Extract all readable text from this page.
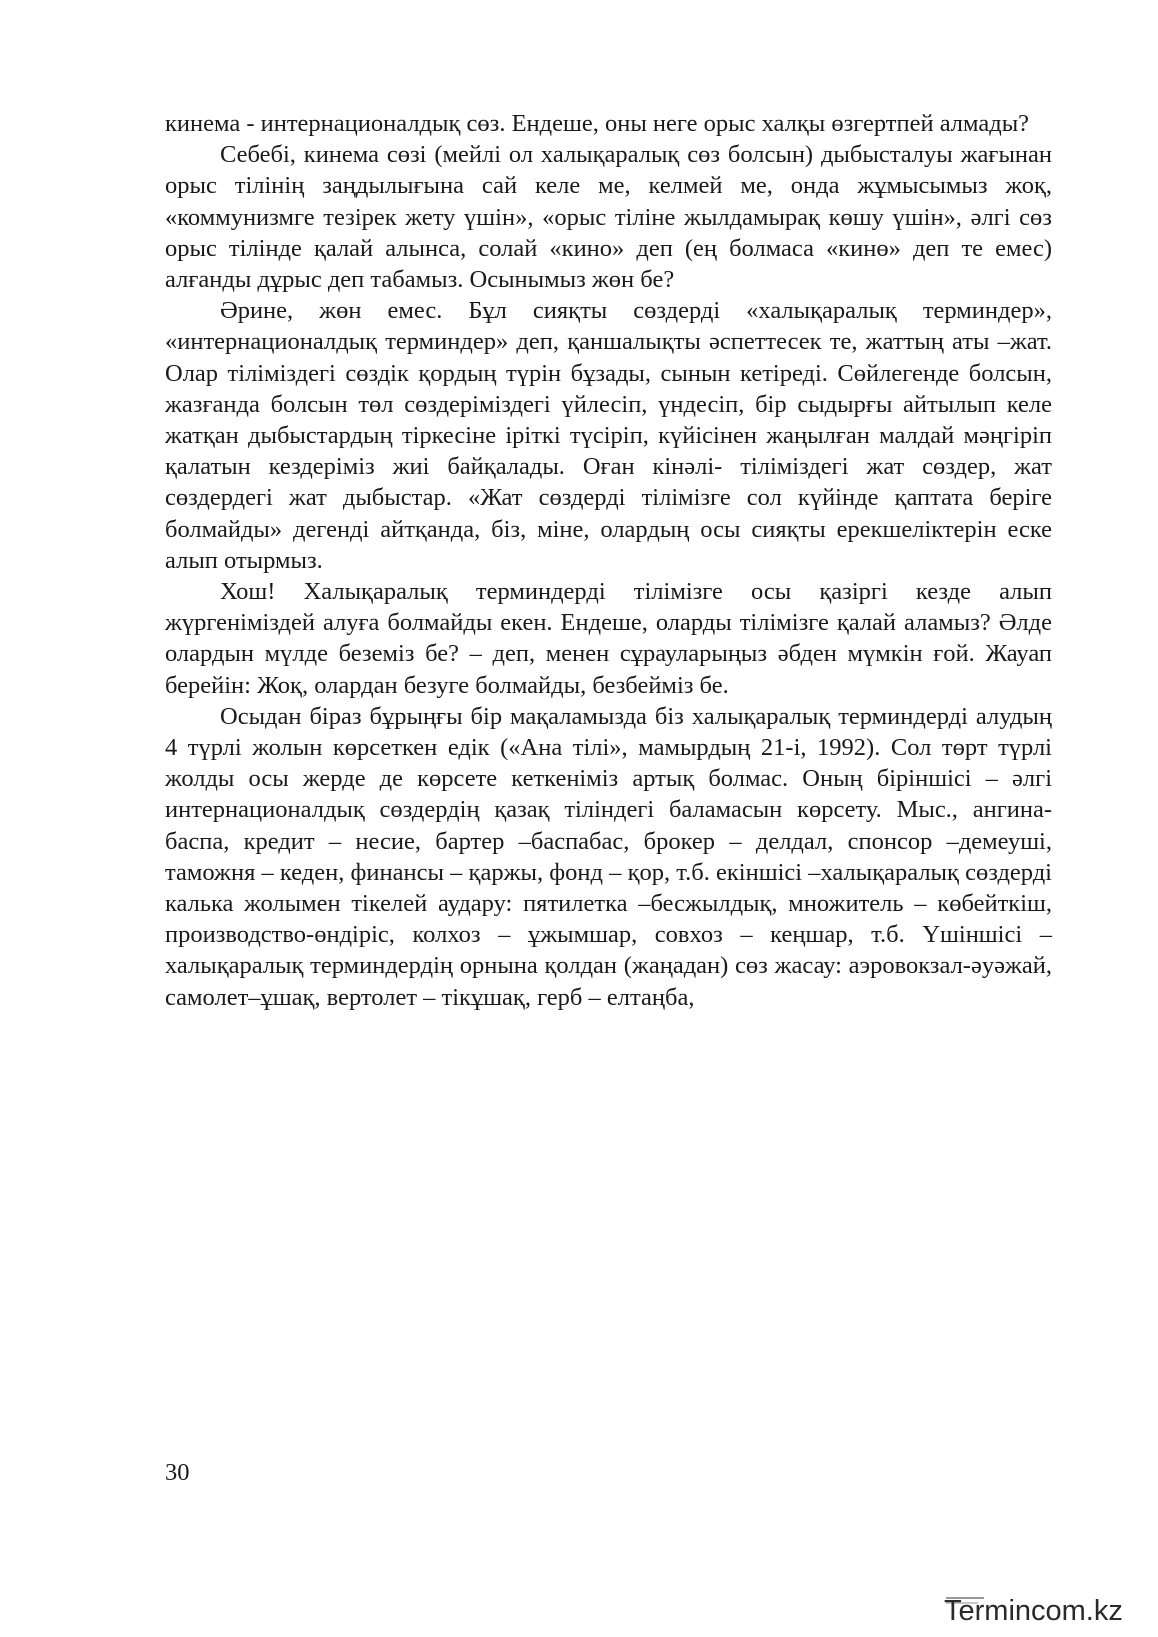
кинема - интернационалдық сөз. Ендеше, оны неге орыс халқы өзгертпей алмады?

Себебі, кинема сөзі (мейлі ол халықаралық сөз болсын) дыбысталуы жағынан орыс тілінің заңдылығына сай келе ме, келмей ме, онда жұмысымыз жоқ, «коммунизмге тезірек жету үшін», «орыс тіліне жылдамырақ көшу үшін», әлгі сөз орыс тілінде қалай алынса, солай «кино» деп (ең болмаса «кинө» деп те емес) алғанды дұрыс деп табамыз. Осынымыз жөн бе?

Әрине, жөн емес. Бұл сияқты сөздерді «халықаралық терминдер», «интернационалдық терминдер» деп, қаншалықты әспеттесек те, жаттың аты –жат. Олар тіліміздегі сөздік қордың түрін бұзады, сынын кетіреді. Сөйлегенде болсын, жазғанда болсын төл сөздеріміздегі үйлесіп, үндесіп, бір сыдырғы айтылып келе жатқан дыбыстардың тіркесіне іріткі түсіріп, күйісінен жаңылған малдай мәңгіріп қалатын кездеріміз жиі байқалады. Оған кінәлі- тіліміздегі жат сөздер, жат сөздердегі жат дыбыстар. «Жат сөздерді тілімізге сол күйінде қаптата беріге болмайды» дегенді айтқанда, біз, міне, олардың осы сияқты ерекшеліктерін еске алып отырмыз.

Хош! Халықаралық терминдерді тілімізге осы қазіргі кезде алып жүргеніміздей алуға болмайды екен. Ендеше, оларды тілімізге қалай аламыз? Әлде олардын мүлде беземіз бе? – деп, менен сұрауларыңыз әбден мүмкін ғой. Жауап берейін: Жоқ, олардан безуге болмайды, безбейміз бе.

Осыдан біраз бұрыңғы бір мақаламызда біз халықаралық терминдерді алудың 4 түрлі жолын көрсеткен едік («Ана тілі», мамырдың 21-і, 1992). Сол төрт түрлі жолды осы жерде де көрсете кеткеніміз артық болмас. Оның біріншісі – әлгі интернационалдық сөздердің қазақ тіліндегі баламасын көрсету. Мыс., ангина-баспа, кредит – несие, бартер –баспабас, брокер – делдал, спонсор –демеуші, таможня – кеден, финансы – қаржы, фонд – қор, т.б. екіншісі –халықаралық сөздерді калька жолымен тікелей аудару: пятилетка –бесжылдық, множитель – көбейткіш, производство-өндіріс, колхоз – ұжымшар, совхоз – кеңшар, т.б. Үшіншісі – халықаралық терминдердің орнына қолдан (жаңадан) сөз жасау: аэровокзал-әуәжай, самолет–ұшақ, вертолет – тікұшақ, герб – елтаңба,

30
Termincom.kz
